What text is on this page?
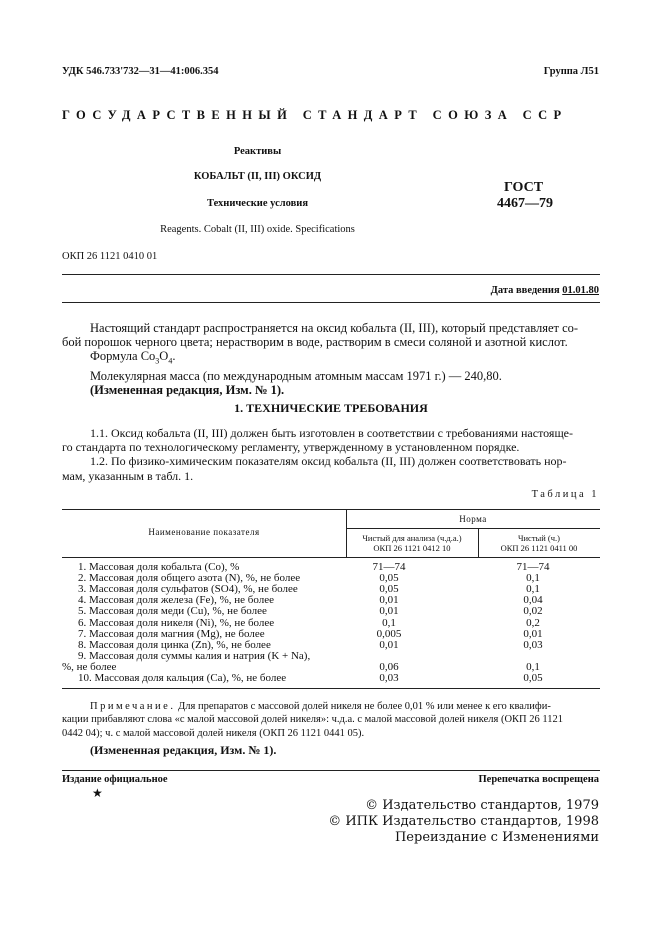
УДК 546.733'732—31—41:006.354	Группа Л51
ГОСУДАРСТВЕННЫЙ СТАНДАРТ СОЮЗА ССР
Реактивы
КОБАЛЬТ (II, III) ОКСИД
Технические условия
Reagents. Cobalt (II, III) oxide. Specifications
ГОСТ
4467—79
ОКП 26 1121 0410 01
Дата введения 01.01.80
Настоящий стандарт распространяется на оксид кобальта (II, III), который представляет со-
бой порошок черного цвета; нерастворим в воде, растворим в смеси соляной и азотной кислот.
Формула $Co_3O_4$.
Молекулярная масса (по международным атомным массам 1971 г.) — 240,80.
(Измененная редакция, Изм. № 1).
1. ТЕХНИЧЕСКИЕ ТРЕБОВАНИЯ
1.1. Оксид кобальта (II, III) должен быть изготовлен в соответствии с требованиями настояще-
го стандарта по технологическому регламенту, утвержденному в установленном порядке.
1.2. По физико-химическим показателям оксид кобальта (II, III) должен соответствовать нор-
мам, указанным в табл. 1.
Таблица 1
Наименование показателя
Норма
Чистый для анализа (ч.д.а.)
ОКП 26 1121 0412 10
Чистый (ч.)
ОКП 26 1121 0411 00
1. Массовая доля кобальта (Co), %	71—74	71—74
2. Массовая доля общего азота (N), %, не более	0,05	0,1
3. Массовая доля сульфатов (SO4), %, не более	0,05	0,1
4. Массовая доля железа (Fe), %, не более	0,01	0,04
5. Массовая доля меди (Cu), %, не более	0,01	0,02
6. Массовая доля никеля (Ni), %, не более	0,1	0,2
7. Массовая доля магния (Mg), не более	0,005	0,01
8. Массовая доля цинка (Zn), %, не более	0,01	0,03
9. Массовая доля суммы калия и натрия (K + Na),
%, не более	0,06	0,1
10. Массовая доля кальция (Ca), %, не более	0,03	0,05
Примечание. Для препаратов с массовой долей никеля не более 0,01 % или менее к его квалифи-
кации прибавляют слова «с малой массовой долей никеля»: ч.д.а. с малой массовой долей никеля (ОКП 26 1121
0442 04); ч. с малой массовой долей никеля (ОКП 26 1121 0441 05).
(Измененная редакция, Изм. № 1).
Издание официальное	Перепечатка воспрещена
★
© Издательство стандартов, 1979
© ИПК Издательство стандартов, 1998
Переиздание с Изменениями
